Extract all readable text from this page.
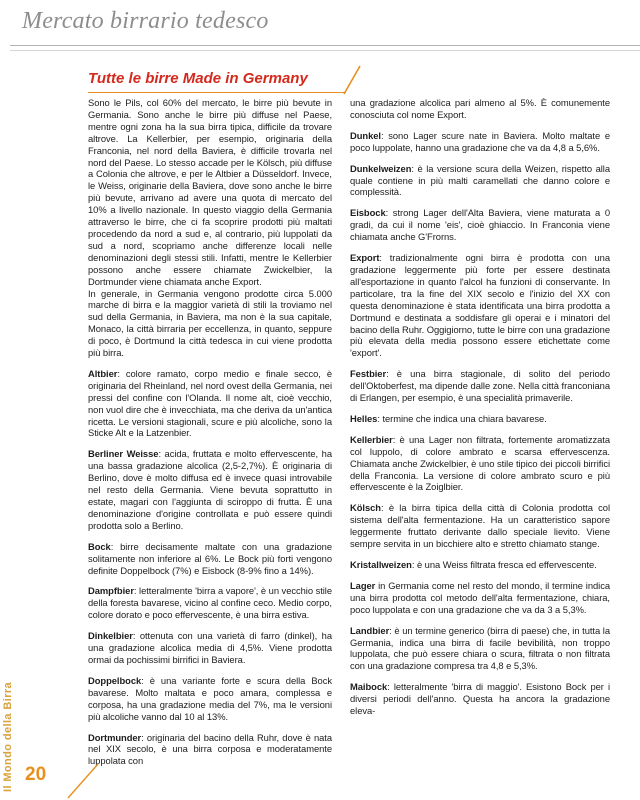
Mercato birrario tedesco
Tutte le birre Made in Germany

Sono le Pils, col 60% del mercato, le birre più bevute in Germania. Sono anche le birre più diffuse nel Paese, mentre ogni zona ha la sua birra tipica, difficile da trovare altrove. La Kellerbier, per esempio, originaria della Franconia, nel nord della Baviera, è difficile trovarla nel nord del Paese. Lo stesso accade per le Kölsch, più diffuse a Colonia che altrove, e per le Altbier a Düsseldorf. Invece, le Weiss, originarie della Baviera, dove sono anche le birre più bevute, arrivano ad avere una quota di mercato del 10% a livello nazionale. In questo viaggio della Germania attraverso le birre, che ci fa scoprire prodotti più maltati procedendo da nord a sud e, al contrario, più luppolati da sud a nord, scopriamo anche differenze locali nelle denominazioni degli stessi stili. Infatti, mentre le Kellerbier possono anche essere chiamate Zwickelbier, la Dortmunder viene chiamata anche Export.

In generale, in Germania vengono prodotte circa 5.000 marche di birra e la maggior varietà di stili la troviamo nel sud della Germania, in Baviera, ma non è la sua capitale, Monaco, la città birraria per eccellenza, in quanto, seppure di poco, è Dortmund la città tedesca in cui viene prodotta più birra.

Altbier: colore ramato, corpo medio e finale secco, è originaria del Rheinland, nel nord ovest della Germania, nei pressi del confine con l'Olanda. Il nome alt, cioè vecchio, non vuol dire che è invecchiata, ma che deriva da un'antica ricetta. Le versioni stagionali, scure e più alcoliche, sono la Sticke Alt e la Latzenbier.

Berliner Weisse: acida, fruttata e molto effervescente, ha una bassa gradazione alcolica (2,5-2,7%). È originaria di Berlino, dove è molto diffusa ed è invece quasi introvabile nel resto della Germania. Viene bevuta soprattutto in estate, magari con l'aggiunta di sciroppo di frutta. È una denominazione d'origine controllata e può essere quindi prodotta solo a Berlino.

Bock: birre decisamente maltate con una gradazione solitamente non inferiore al 6%. Le Bock più forti vengono definite Doppelbock (7%) e Eisbock (8-9% fino a 14%).

Dampfbier: letteralmente 'birra a vapore', è un vecchio stile della foresta bavarese, vicino al confine ceco. Medio corpo, colore dorato e poco effervescente, è una birra estiva.

Dinkelbier: ottenuta con una varietà di farro (dinkel), ha una gradazione alcolica media di 4,5%. Viene prodotta ormai da pochissimi birrifici in Baviera.

Doppelbock: è una variante forte e scura della Bock bavarese. Molto maltata e poco amara, complessa e corposa, ha una gradazione media del 7%, ma le versioni più alcoliche vanno dal 10 al 13%.

Dortmunder: originaria del bacino della Ruhr, dove è nata nel XIX secolo, è una birra corposa e moderatamente luppolata con

una gradazione alcolica pari almeno al 5%. È comunemente conosciuta col nome Export.

Dunkel: sono Lager scure nate in Baviera. Molto maltate e poco luppolate, hanno una gradazione che va da 4,8 a 5,6%.

Dunkelweizen: è la versione scura della Weizen, rispetto alla quale contiene in più malti caramellati che danno colore e complessità.

Eisbock: strong Lager dell'Alta Baviera, viene maturata a 0 gradi, da cui il nome 'eis', cioè ghiaccio. In Franconia viene chiamata anche G'Frorns.

Export: tradizionalmente ogni birra è prodotta con una gradazione leggermente più forte per essere destinata all'esportazione in quanto l'alcol ha funzioni di conservante. In particolare, tra la fine del XIX secolo e l'inizio del XX con questa denominazione è stata identificata una birra prodotta a Dortmund e destinata a soddisfare gli operai e i minatori del bacino della Ruhr. Oggigiorno, tutte le birre con una gradazione più elevata della media possono essere etichettate come 'export'.

Festbier: è una birra stagionale, di solito del periodo dell'Oktoberfest, ma dipende dalle zone. Nella città franconiana di Erlangen, per esempio, è una specialità primaverile.

Helles: termine che indica una chiara bavarese.

Kellerbier: è una Lager non filtrata, fortemente aromatizzata col luppolo, di colore ambrato e scarsa effervescenza. Chiamata anche Zwickelbier, è uno stile tipico dei piccoli birrifici della Franconia. La versione di colore ambrato scuro e più effervescente è la Zoiglbier.

Kölsch: è la birra tipica della città di Colonia prodotta col sistema dell'alta fermentazione. Ha un caratteristico sapore leggermente fruttato derivante dallo speciale lievito. Viene sempre servita in un bicchiere alto e stretto chiamato stange.

Kristallweizen: è una Weiss filtrata fresca ed effervescente.

Lager in Germania come nel resto del mondo, il termine indica una birra prodotta col metodo dell'alta fermentazione, chiara, poco luppolata e con una gradazione che va da 3 a 5,3%.

Landbier: è un termine generico (birra di paese) che, in tutta la Germania, indica una birra di facile bevibilità, non troppo luppolata, che può essere chiara o scura, filtrata o non filtrata con una gradazione compresa tra 4,8 e 5,3%.

Maibock: letteralmente 'birra di maggio'. Esistono Bock per i diversi periodi dell'anno. Questa ha ancora la gradazione eleva-

Il Mondo della Birra 20
